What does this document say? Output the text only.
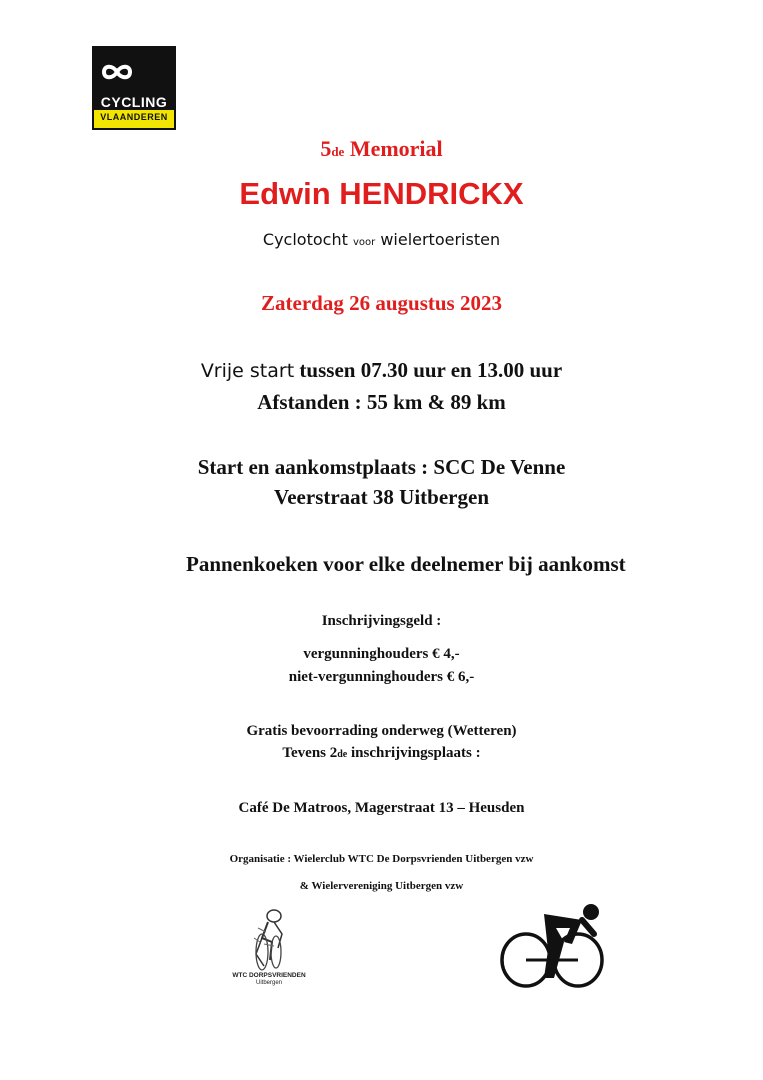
CYCLING
VLAANDEREN
5de Memorial
Edwin HENDRICKX
Cyclotocht voor wielertoeristen
Zaterdag 26 augustus 2023
Vrije start tussen 07.30 uur en 13.00 uur
Afstanden : 55 km & 89 km
Start en aankomstplaats : SCC De Venne
Veerstraat 38 Uitbergen
Pannenkoeken voor elke deelnemer bij aankomst
Inschrijvingsgeld :
vergunninghouders € 4,-
niet-vergunninghouders € 6,-
Gratis bevoorrading onderweg (Wetteren)
Tevens 2de inschrijvingsplaats :
Café De Matroos, Magerstraat 13 – Heusden
Organisatie : Wielerclub WTC De Dorpsvrienden Uitbergen vzw
& Wielervereniging Uitbergen vzw
WTC DORPSVRIENDEN
Uitbergen
